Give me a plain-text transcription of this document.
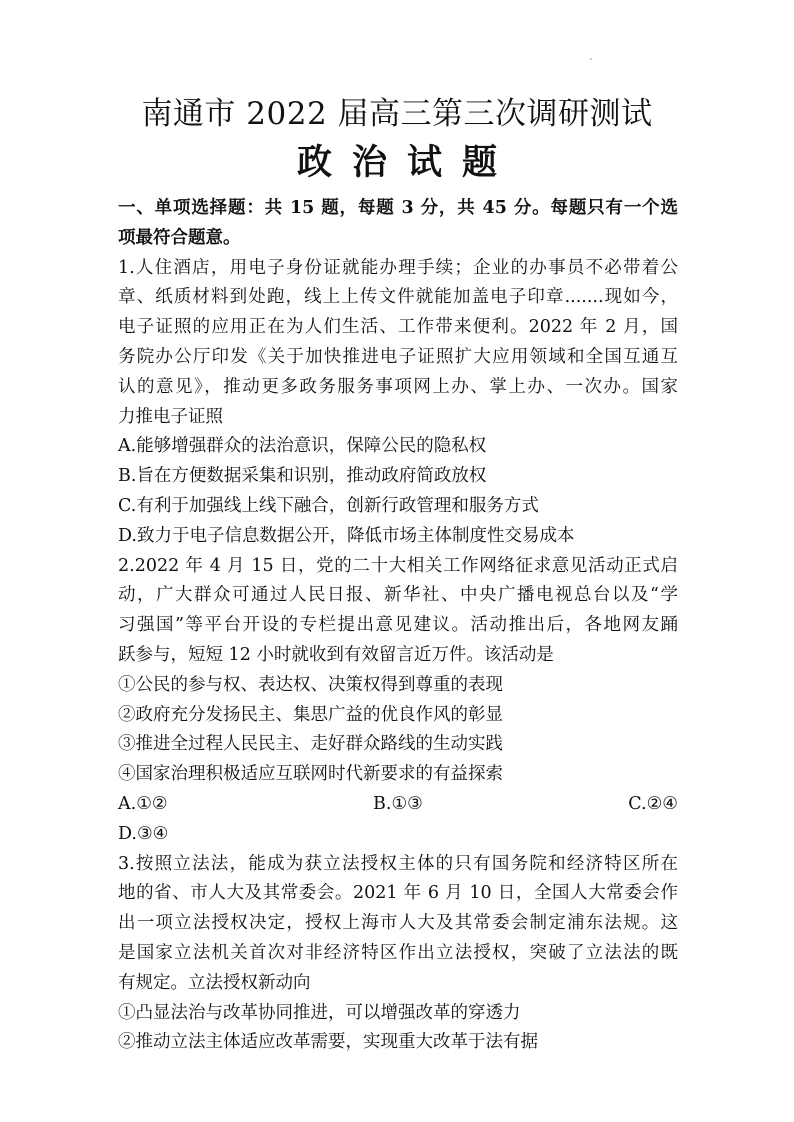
南通市 2022 届高三第三次调研测试
政治试题
一、单项选择题：共 15 题，每题 3 分，共 45 分。每题只有一个选
项最符合题意。
1.人住酒店，用电子身份证就能办理手续；企业的办事员不必带着公
章、纸质材料到处跑，线上上传文件就能加盖电子印章.......现如今，
电子证照的应用正在为人们生活、工作带来便利。2022 年 2 月，国
务院办公厅印发《关于加快推进电子证照扩大应用领域和全国互通互
认的意见》，推动更多政务服务事项网上办、掌上办、一次办。国家
力推电子证照
A.能够增强群众的法治意识，保障公民的隐私权
B.旨在方便数据采集和识别，推动政府简政放权
C.有利于加强线上线下融合，创新行政管理和服务方式
D.致力于电子信息数据公开，降低市场主体制度性交易成本
2.2022 年 4 月 15 日，党的二十大相关工作网络征求意见活动正式启
动，广大群众可通过人民日报、新华社、中央广播电视总台以及“学
习强国”等平台开设的专栏提出意见建议。活动推出后，各地网友踊
跃参与，短短 12 小时就收到有效留言近万件。该活动是
①公民的参与权、表达权、决策权得到尊重的表现
②政府充分发扬民主、集思广益的优良作风的彰显
③推进全过程人民民主、走好群众路线的生动实践
④国家治理积极适应互联网时代新要求的有益探索
A.①②	B.①③	C.②④
D.③④
3.按照立法法，能成为获立法授权主体的只有国务院和经济特区所在
地的省、市人大及其常委会。2021 年 6 月 10 日，全国人大常委会作
出一项立法授权决定，授权上海市人大及其常委会制定浦东法规。这
是国家立法机关首次对非经济特区作出立法授权，突破了立法法的既
有规定。立法授权新动向
①凸显法治与改革协同推进，可以增强改革的穿透力
②推动立法主体适应改革需要，实现重大改革于法有据
